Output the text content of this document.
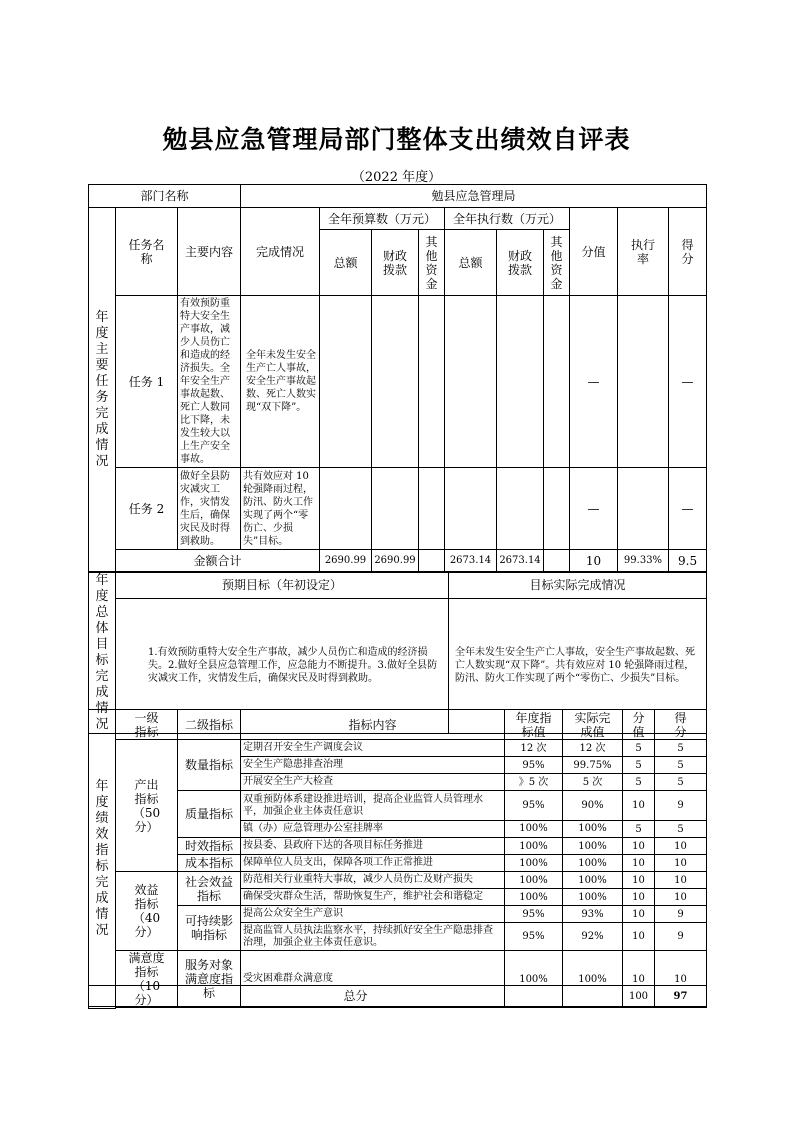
勉县应急管理局部门整体支出绩效自评表
（2022 年度）
部门名称			勉县应急管理局									

年度主要任务完成情况	任务名称	主要内容	完成情况	全年预算数（万元）			全年执行数（万元）			分值	执行率	得分

				总额	财政拨款	其他资金	总额	财政拨款	其他资金			

	任务 1	有效预防重特大安全生产事故，减少人员伤亡和造成的经济损失。全年安全生产事故起数、死亡人数同比下降，未发生较大以上生产安全事故。	全年未发生安全生产亡人事故，安全生产事故起数、死亡人数实现“双下降”。							—		—
	任务 2	做好全县防灾减灾工作，灾情发生后，确保灾民及时得到救助。	共有效应对 10 轮强降雨过程，防汛、防火工作实现了两个“零伤亡、少损失”目标。							—		—
	金额合计			2690.99	2690.99		2673.14	2673.14		10	99.33%	9.5
年度总体目标完成情况	预期目标（年初设定）	目标实际完成情况
	1.有效预防重特大安全生产事故，减少人员伤亡和造成的经济损失。2.做好全县应急管理工作，应急能力不断提升。3.做好全县防灾减灾工作，灾情发生后，确保灾民及时得到救助。	全年未发生安全生产亡人事故，安全生产事故起数、死亡人数实现“双下降”。共有效应对 10 轮强降雨过程，防汛、防火工作实现了两个“零伤亡、少损失”目标。
年度绩效指标完成情况	一级指标	二级指标	指标内容	年度指标值	实际完成值	分值	得分

	产出指标（50 分）	数量指标	定期召开安全生产调度会议	12 次	12 次	5	5
			安全生产隐患排查治理	95%	99.75%	5	5
			开展安全生产大检查	》5 次	5 次	5	5
		质量指标	双重预防体系建设推进培训，提高企业监管人员管理水平，加强企业主体责任意识	95%	90%	10	9
			镇（办）应急管理办公室挂牌率	100%	100%	5	5
		时效指标	按县委、县政府下达的各项目标任务推进	100%	100%	10	10
		成本指标	保障单位人员支出，保障各项工作正常推进	100%	100%	10	10

	效益指标（40 分）	社会效益指标	防范相关行业重特大事故，减少人员伤亡及财产损失	100%	100%	10	10
			确保受灾群众生活，帮助恢复生产，维护社会和谐稳定	100%	100%	10	10
		可持续影响指标	提高公众安全生产意识	95%	93%	10	9
			提高监管人员执法监察水平，持续抓好安全生产隐患排查治理，加强企业主体责任意识。	95%	92%	10	9

	满意度指标（10 分）	服务对象满意度指标	受灾困难群众满意度	100%	100%	10	10

总分	100	97
